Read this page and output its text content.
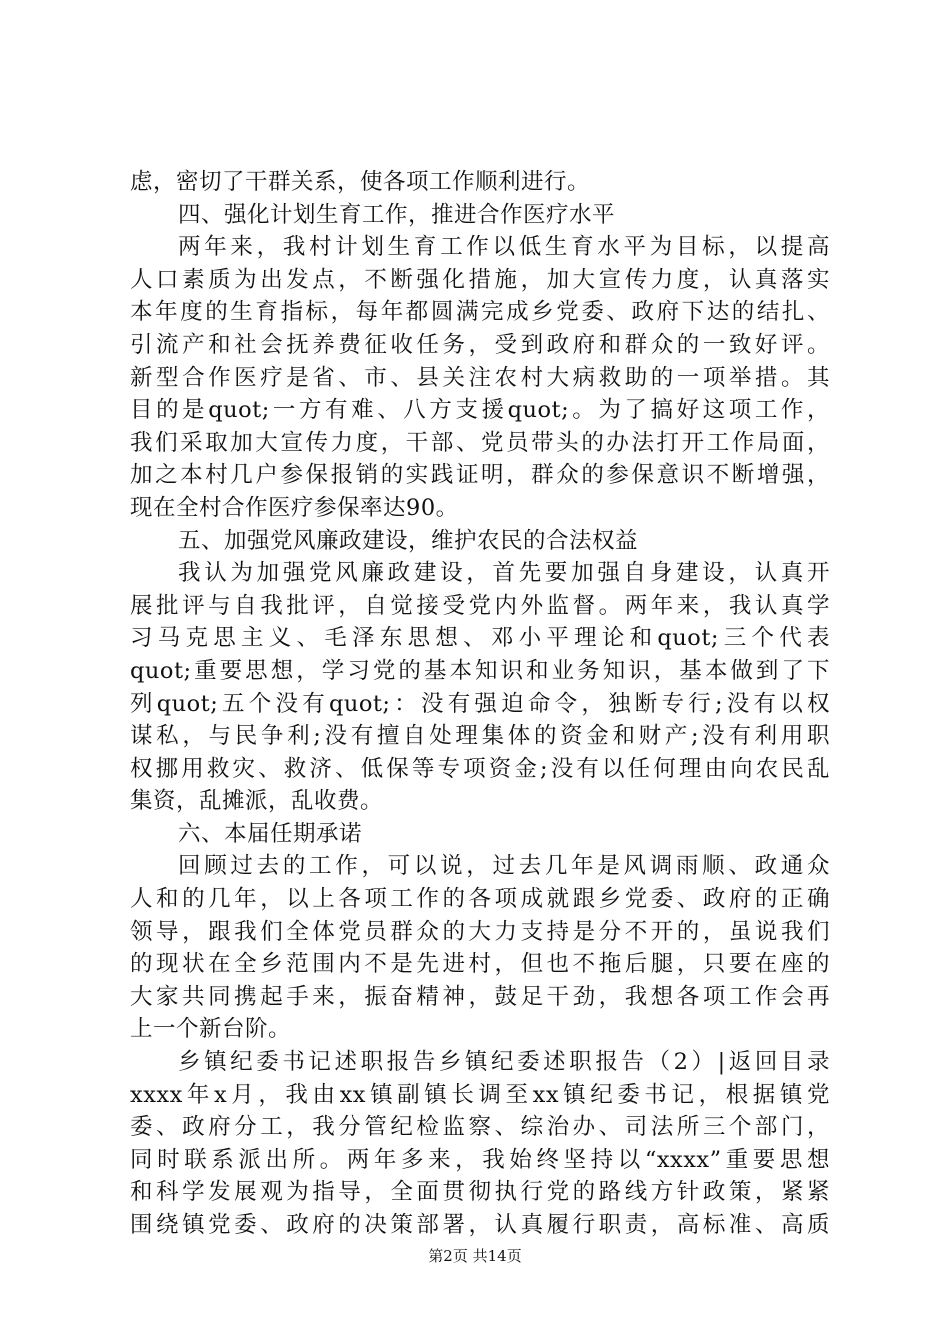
虑，密切了干群关系，使各项工作顺利进行。
四、强化计划生育工作，推进合作医疗水平
两年来，我村计划生育工作以低生育水平为目标，以提高
人口素质为出发点，不断强化措施，加大宣传力度，认真落实
本年度的生育指标，每年都圆满完成乡党委、政府下达的结扎、
引流产和社会抚养费征收任务，受到政府和群众的一致好评。
新型合作医疗是省、市、县关注农村大病救助的一项举措。其
目的是quot;一方有难、八方支援quot;。为了搞好这项工作，
我们采取加大宣传力度，干部、党员带头的办法打开工作局面，
加之本村几户参保报销的实践证明，群众的参保意识不断增强，
现在全村合作医疗参保率达90。
五、加强党风廉政建设，维护农民的合法权益
我认为加强党风廉政建设，首先要加强自身建设，认真开
展批评与自我批评，自觉接受党内外监督。两年来，我认真学
习马克思主义、毛泽东思想、邓小平理论和quot;三个代表
quot;重要思想，学习党的基本知识和业务知识，基本做到了下
列quot;五个没有quot;：没有强迫命令，独断专行;没有以权
谋私，与民争利;没有擅自处理集体的资金和财产;没有利用职
权挪用救灾、救济、低保等专项资金;没有以任何理由向农民乱
集资，乱摊派，乱收费。
六、本届任期承诺
回顾过去的工作，可以说，过去几年是风调雨顺、政通众
人和的几年，以上各项工作的各项成就跟乡党委、政府的正确
领导，跟我们全体党员群众的大力支持是分不开的，虽说我们
的现状在全乡范围内不是先进村，但也不拖后腿，只要在座的
大家共同携起手来，振奋精神，鼓足干劲，我想各项工作会再
上一个新台阶。
乡镇纪委书记述职报告乡镇纪委述职报告（2）|返回目录
xxxx年x月，我由xx镇副镇长调至xx镇纪委书记，根据镇党
委、政府分工，我分管纪检监察、综治办、司法所三个部门，
同时联系派出所。两年多来，我始终坚持以“xxxx”重要思想
和科学发展观为指导，全面贯彻执行党的路线方针政策，紧紧
围绕镇党委、政府的决策部署，认真履行职责，高标准、高质
第2页 共14页
